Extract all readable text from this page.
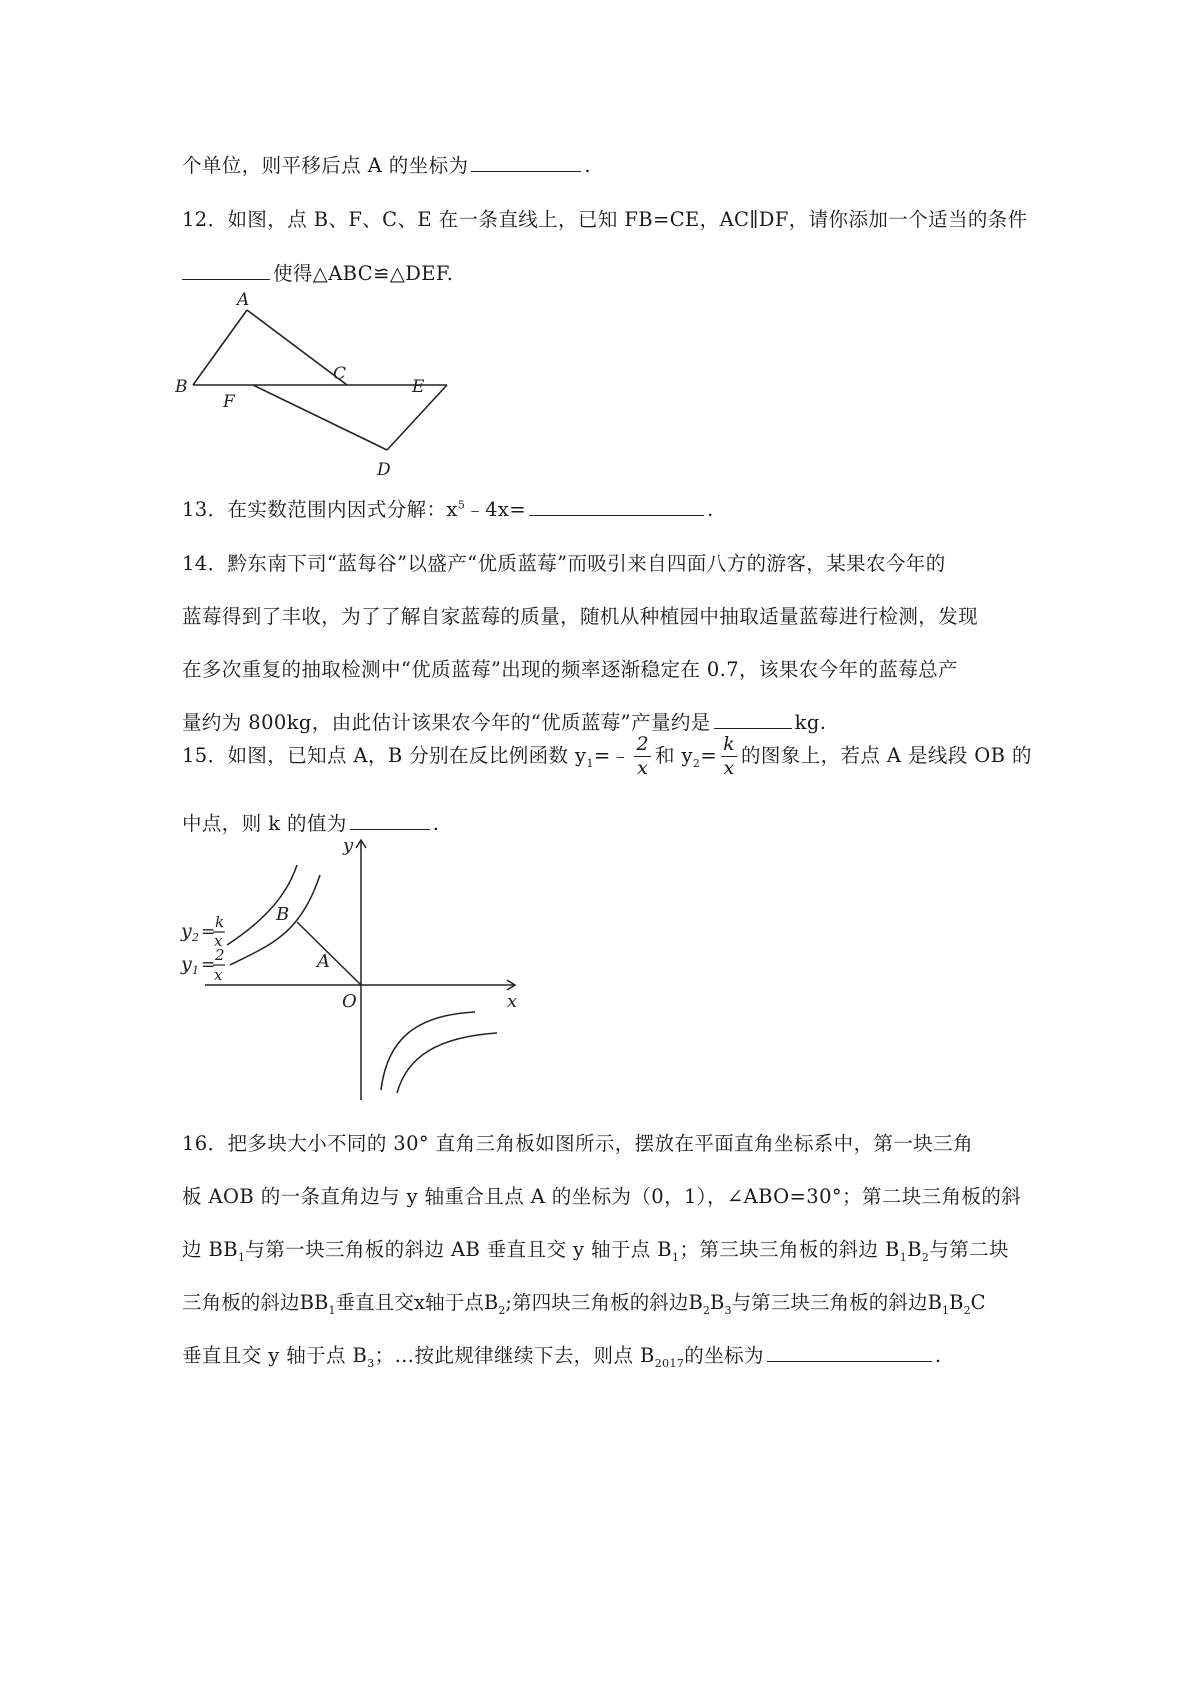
个单位，则平移后点 A 的坐标为	.
12．如图，点 B、F、C、E 在一条直线上，已知 FB=CE，AC∥DF，请你添加一个适当的条件
使得△ABC≌△DEF.
A
B
C
E
F
D
13．在实数范围内因式分解：$x^5﹣4x=$	.
14．黔东南下司“蓝每谷”以盛产“优质蓝莓”而吸引来自四面八方的游客，某果农今年的
蓝莓得到了丰收，为了了解自家蓝莓的质量，随机从种植园中抽取适量蓝莓进行检测，发现
在多次重复的抽取检测中“优质蓝莓”出现的频率逐渐稳定在 0.7，该果农今年的蓝莓总产
量约为 800kg，由此估计该果农今年的“优质蓝莓”产量约是	kg.
15．如图，已知点 A，B 分别在反比例函数 $y_1=﹣ \frac{2}{x}$ 和 $y_2= \frac{k}{x}$ 的图象上，若点 A 是线段 OB 的
中点，则 k 的值为	.
y
x
O
A
B
y 2 = k
x
y 1 = 2
x
16．把多块大小不同的 30° 直角三角板如图所示，摆放在平面直角坐标系中，第一块三角
板 AOB 的一条直角边与 y 轴重合且点 A 的坐标为（0，1），∠ABO=30°；第二块三角板的斜
边 $BB_1$与第一块三角板的斜边 AB 垂直且交 y 轴于点 $B_1$；第三块三角板的斜边 $B_1B_2$与第二块
三角板的斜边$BB_1$垂直且交x轴于点$B_2$;第四块三角板的斜边$B_2B_3$与第三块三角板的斜边$B_1B_2C$
垂直且交 y 轴于点 $B_3$；…按此规律继续下去，则点 $B_{2017}$的坐标为	.
